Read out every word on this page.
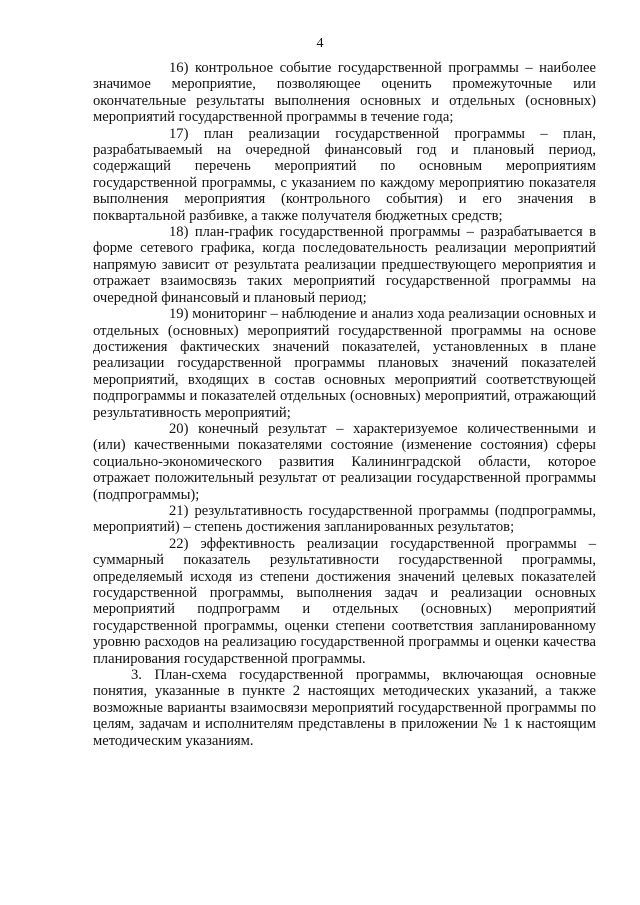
4

16) контрольное событие государственной программы – наиболее значимое мероприятие, позволяющее оценить промежуточные или окончательные результаты выполнения основных и отдельных (основных) мероприятий государственной программы в течение года;

17) план реализации государственной программы – план, разрабатываемый на очередной финансовый год и плановый период, содержащий перечень мероприятий по основным мероприятиям государственной программы, с указанием по каждому мероприятию показателя выполнения мероприятия (контрольного события) и его значения в поквартальной разбивке, а также получателя бюджетных средств;

18) план-график государственной программы – разрабатывается в форме сетевого графика, когда последовательность реализации мероприятий напрямую зависит от результата реализации предшествующего мероприятия и отражает взаимосвязь таких мероприятий государственной программы на очередной финансовый и плановый период;

19) мониторинг – наблюдение и анализ хода реализации основных и отдельных (основных) мероприятий государственной программы на основе достижения фактических значений показателей, установленных в плане реализации государственной программы плановых значений показателей мероприятий, входящих в состав основных мероприятий соответствующей подпрограммы и показателей отдельных (основных) мероприятий, отражающий результативность мероприятий;

20) конечный результат – характеризуемое количественными и (или) качественными показателями состояние (изменение состояния) сферы социально-экономического развития Калининградской области, которое отражает положительный результат от реализации государственной программы (подпрограммы);

21) результативность государственной программы (подпрограммы, мероприятий) – степень достижения запланированных результатов;

22) эффективность реализации государственной программы – суммарный показатель результативности государственной программы, определяемый исходя из степени достижения значений целевых показателей государственной программы, выполнения задач и реализации основных мероприятий подпрограмм и отдельных (основных) мероприятий государственной программы, оценки степени соответствия запланированному уровню расходов на реализацию государственной программы и оценки качества планирования государственной программы.

3. План-схема государственной программы, включающая основные понятия, указанные в пункте 2 настоящих методических указаний, а также возможные варианты взаимосвязи мероприятий государственной программы по целям, задачам и исполнителям представлены в приложении № 1 к настоящим методическим указаниям.
